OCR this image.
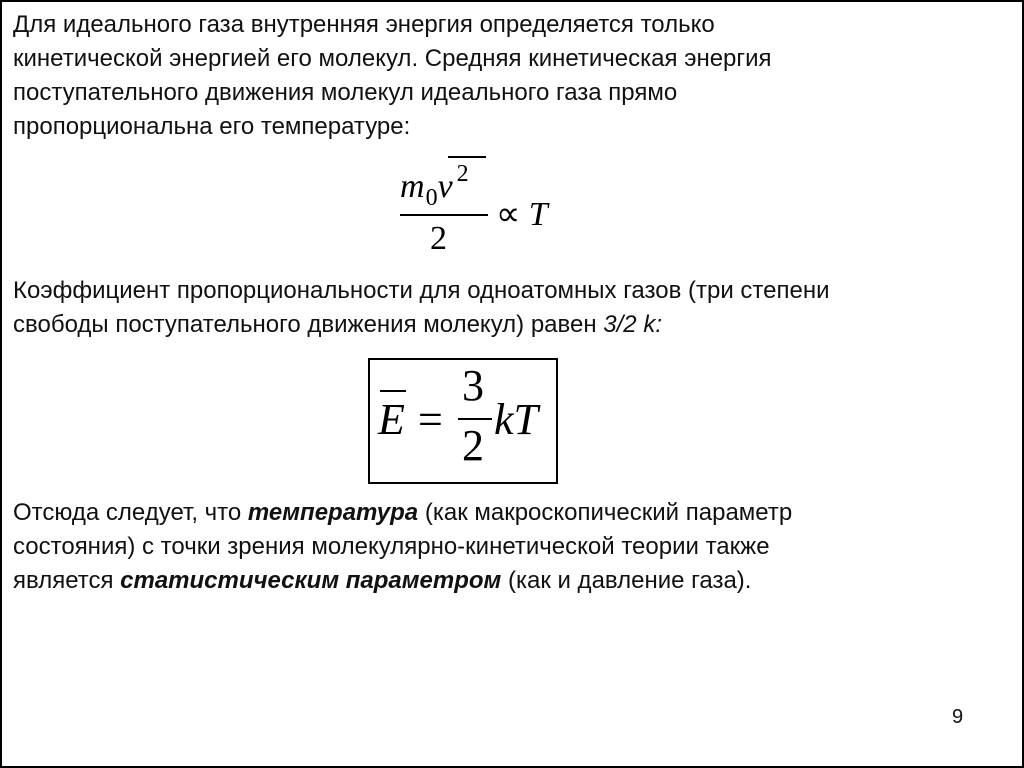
Для идеального газа внутренняя энергия определяется только
кинетической энергией его молекул. Средняя кинетическая энергия
поступательного движения молекул идеального газа прямо
пропорциональна его температуре:
$m_0v$ $^2$
2
∝ T
Коэффициент пропорциональности для одноатомных газов (три степени
свободы поступательного движения молекул) равен 3/2 k:
E =
3
2
kT
Отсюда следует, что температура (как макроскопический параметр
состояния) с точки зрения молекулярно-кинетической теории также
является статистическим параметром (как и давление газа).
9
